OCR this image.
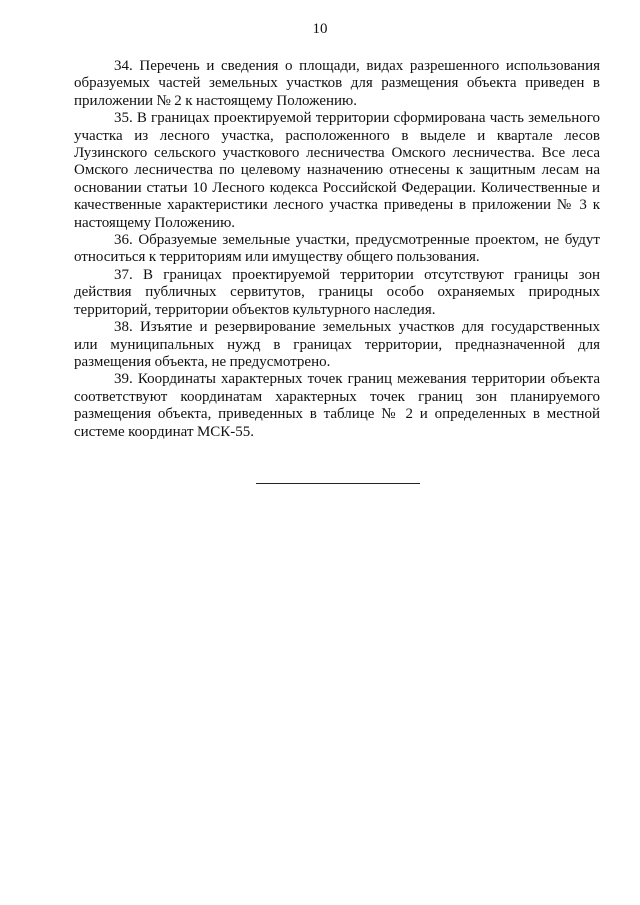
10

34. Перечень и сведения о площади, видах разрешенного использования образуемых частей земельных участков для размещения объекта приведен в приложении № 2 к настоящему Положению.

35. В границах проектируемой территории сформирована часть земельного участка из лесного участка, расположенного в выделе и квартале лесов Лузинского сельского участкового лесничества Омского лесничества. Все леса Омского лесничества по целевому назначению отнесены к защитным лесам на основании статьи 10 Лесного кодекса Российской Федерации. Количественные и качественные характеристики лесного участка приведены в приложении № 3 к настоящему Положению.

36. Образуемые земельные участки, предусмотренные проектом, не будут относиться к территориям или имуществу общего пользования.

37. В границах проектируемой территории отсутствуют границы зон действия публичных сервитутов, границы особо охраняемых природных территорий, территории объектов культурного наследия.

38. Изъятие и резервирование земельных участков для государственных или муниципальных нужд в границах территории, предназначенной для размещения объекта, не предусмотрено.

39. Координаты характерных точек границ межевания территории объекта соответствуют координатам характерных точек границ зон планируемого размещения объекта, приведенных в таблице № 2 и определенных в местной системе координат МСК-55.
